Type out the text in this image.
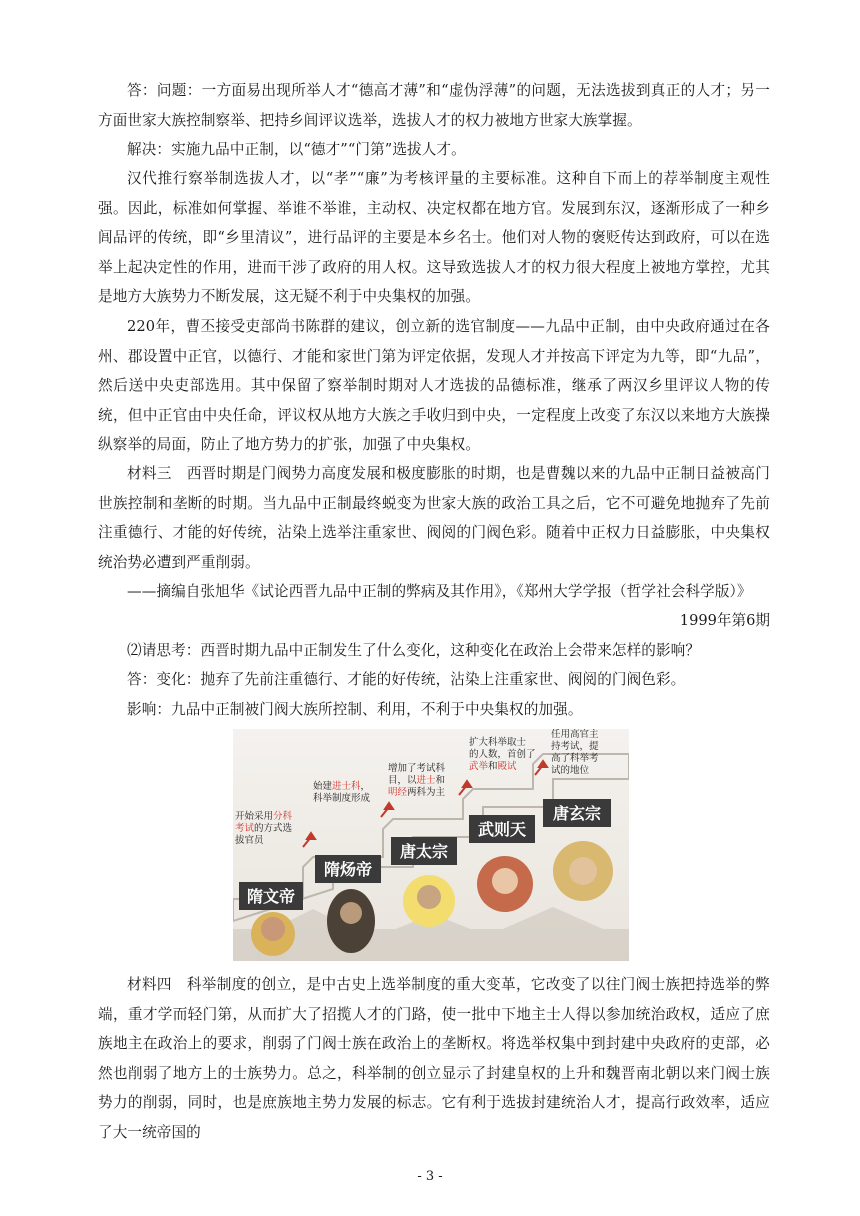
答：问题：一方面易出现所举人才“德高才薄”和“虚伪浮薄”的问题，无法选拔到真正的人才；另一方面世家大族控制察举、把持乡闾评议选举，选拔人才的权力被地方世家大族掌握。

解决：实施九品中正制，以“德才”“门第”选拔人才。

汉代推行察举制选拔人才，以“孝”“廉”为考核评量的主要标准。这种自下而上的荐举制度主观性强。因此，标准如何掌握、举谁不举谁，主动权、决定权都在地方官。发展到东汉，逐渐形成了一种乡闾品评的传统，即“乡里清议”，进行品评的主要是本乡名士。他们对人物的褒贬传达到政府，可以在选举上起决定性的作用，进而干涉了政府的用人权。这导致选拔人才的权力很大程度上被地方掌控，尤其是地方大族势力不断发展，这无疑不利于中央集权的加强。

220年，曹丕接受吏部尚书陈群的建议，创立新的选官制度——九品中正制，由中央政府通过在各州、郡设置中正官，以德行、才能和家世门第为评定依据，发现人才并按高下评定为九等，即“九品”，然后送中央吏部选用。其中保留了察举制时期对人才选拔的品德标准，继承了两汉乡里评议人物的传统，但中正官由中央任命，评议权从地方大族之手收归到中央，一定程度上改变了东汉以来地方大族操纵察举的局面，防止了地方势力的扩张，加强了中央集权。

材料三　西晋时期是门阀势力高度发展和极度膨胀的时期，也是曹魏以来的九品中正制日益被高门世族控制和垄断的时期。当九品中正制最终蜕变为世家大族的政治工具之后，它不可避免地抛弃了先前注重德行、才能的好传统，沾染上选举注重家世、阀阅的门阀色彩。随着中正权力日益膨胀，中央集权统治势必遭到严重削弱。

——摘编自张旭华《试论西晋九品中正制的弊病及其作用》，《郑州大学学报（哲学社会科学版）》

1999年第6期

⑵请思考：西晋时期九品中正制发生了什么变化，这种变化在政治上会带来怎样的影响？

答：变化：抛弃了先前注重德行、才能的好传统，沾染上注重家世、阀阅的门阀色彩。

影响：九品中正制被门阀大族所控制、利用，不利于中央集权的加强。

隋文帝
隋炀帝
唐太宗
武则天
唐玄宗
开始采用分科考试的方式选拔官员
始建进士科，科举制度形成
增加了考试科目，以进士和明经两科为主
扩大科举取士的人数，首创了武举和殿试
任用高官主持考试，提高了科举考试的地位

材料四　科举制度的创立，是中古史上选举制度的重大变革，它改变了以往门阀士族把持选举的弊端，重才学而轻门第，从而扩大了招揽人才的门路，使一批中下地主士人得以参加统治政权，适应了庶族地主在政治上的要求，削弱了门阀士族在政治上的垄断权。将选举权集中到封建中央政府的吏部，必然也削弱了地方上的士族势力。总之，科举制的创立显示了封建皇权的上升和魏晋南北朝以来门阀士族势力的削弱，同时，也是庶族地主势力发展的标志。它有利于选拔封建统治人才，提高行政效率，适应了大一统帝国的

- 3 -
